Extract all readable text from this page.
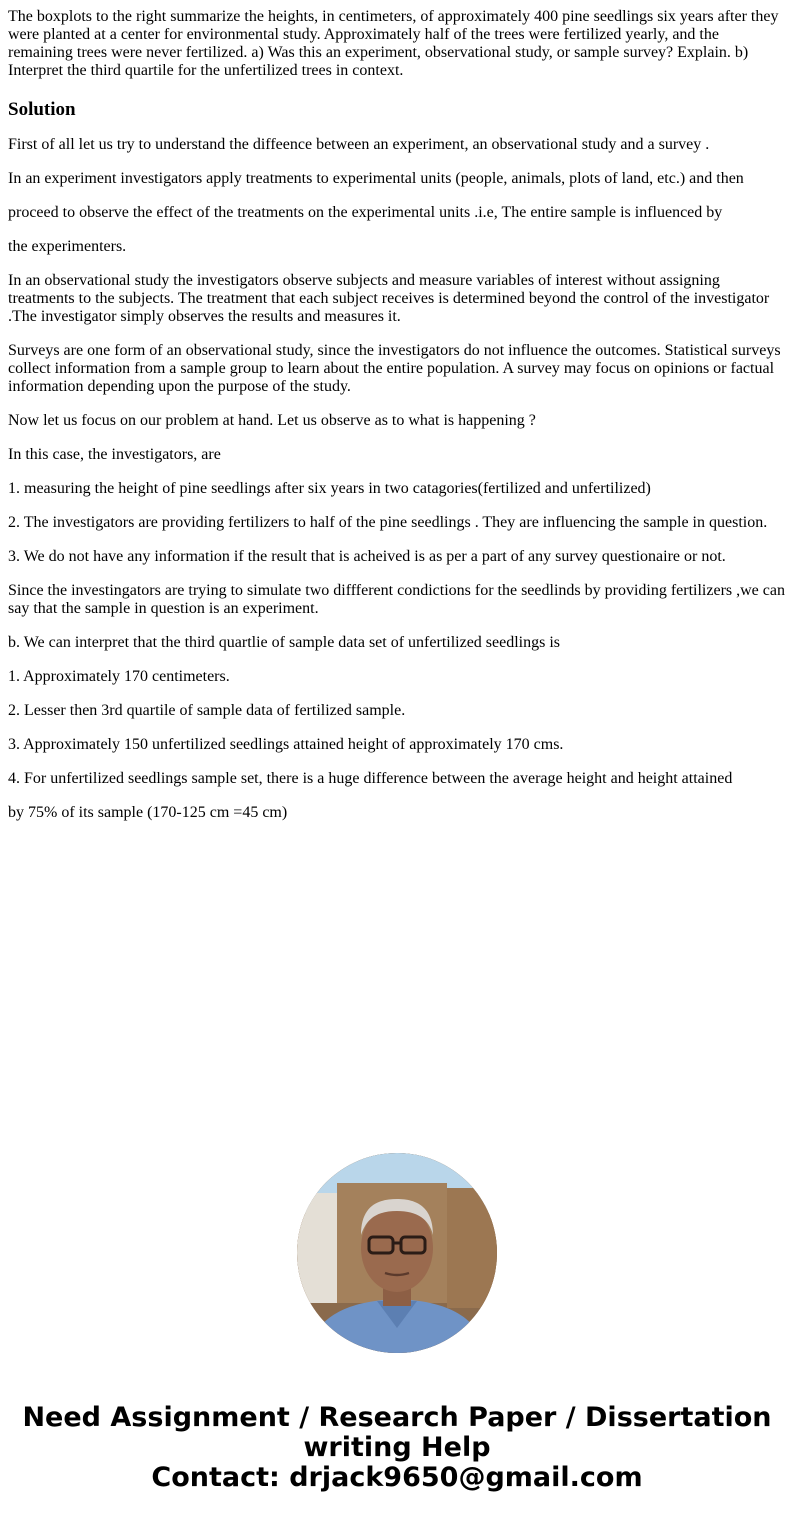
The boxplots to the right summarize the heights, in centimeters, of approximately 400 pine seedlings six years after they were planted at a center for environmental study. Approximately half of the trees were fertilized yearly, and the remaining trees were never fertilized. a) Was this an experiment, observational study, or sample survey? Explain. b) Interpret the third quartile for the unfertilized trees in context.

Solution

First of all let us try to understand the diffeence between an experiment, an observational study and a survey .

In an experiment investigators apply treatments to experimental units (people, animals, plots of land, etc.) and then

proceed to observe the effect of the treatments on the experimental units .i.e, The entire sample is influenced by

the experimenters.

In an observational study the investigators observe subjects and measure variables of interest without assigning treatments to the subjects. The treatment that each subject receives is determined beyond the control of the investigator .The investigator simply observes the results and measures it.

Surveys are one form of an observational study, since the investigators do not influence the outcomes. Statistical surveys collect information from a sample group to learn about the entire population. A survey may focus on opinions or factual information depending upon the purpose of the study.

Now let us focus on our problem at hand. Let us observe as to what is happening ?

In this case, the investigators, are

1. measuring the height of pine seedlings after six years in two catagories(fertilized and unfertilized)

2. The investigators are providing fertilizers to half of the pine seedlings . They are influencing the sample in question.

3. We do not have any information if the result that is acheived is as per a part of any survey questionaire or not.

Since the investingators are trying to simulate two diffferent condictions for the seedlinds by providing fertilizers ,we can say that the sample in question is an experiment.

b. We can interpret that the third quartlie of sample data set of unfertilized seedlings is

1. Approximately 170 centimeters.

2. Lesser then 3rd quartile of sample data of fertilized sample.

3. Approximately 150 unfertilized seedlings attained height of approximately 170 cms.

4. For unfertilized seedlings sample set, there is a huge difference between the average height and height attained

by 75% of its sample (170-125 cm =45 cm)

Need Assignment / Research Paper / Dissertation
writing Help
Contact: drjack9650@gmail.com
